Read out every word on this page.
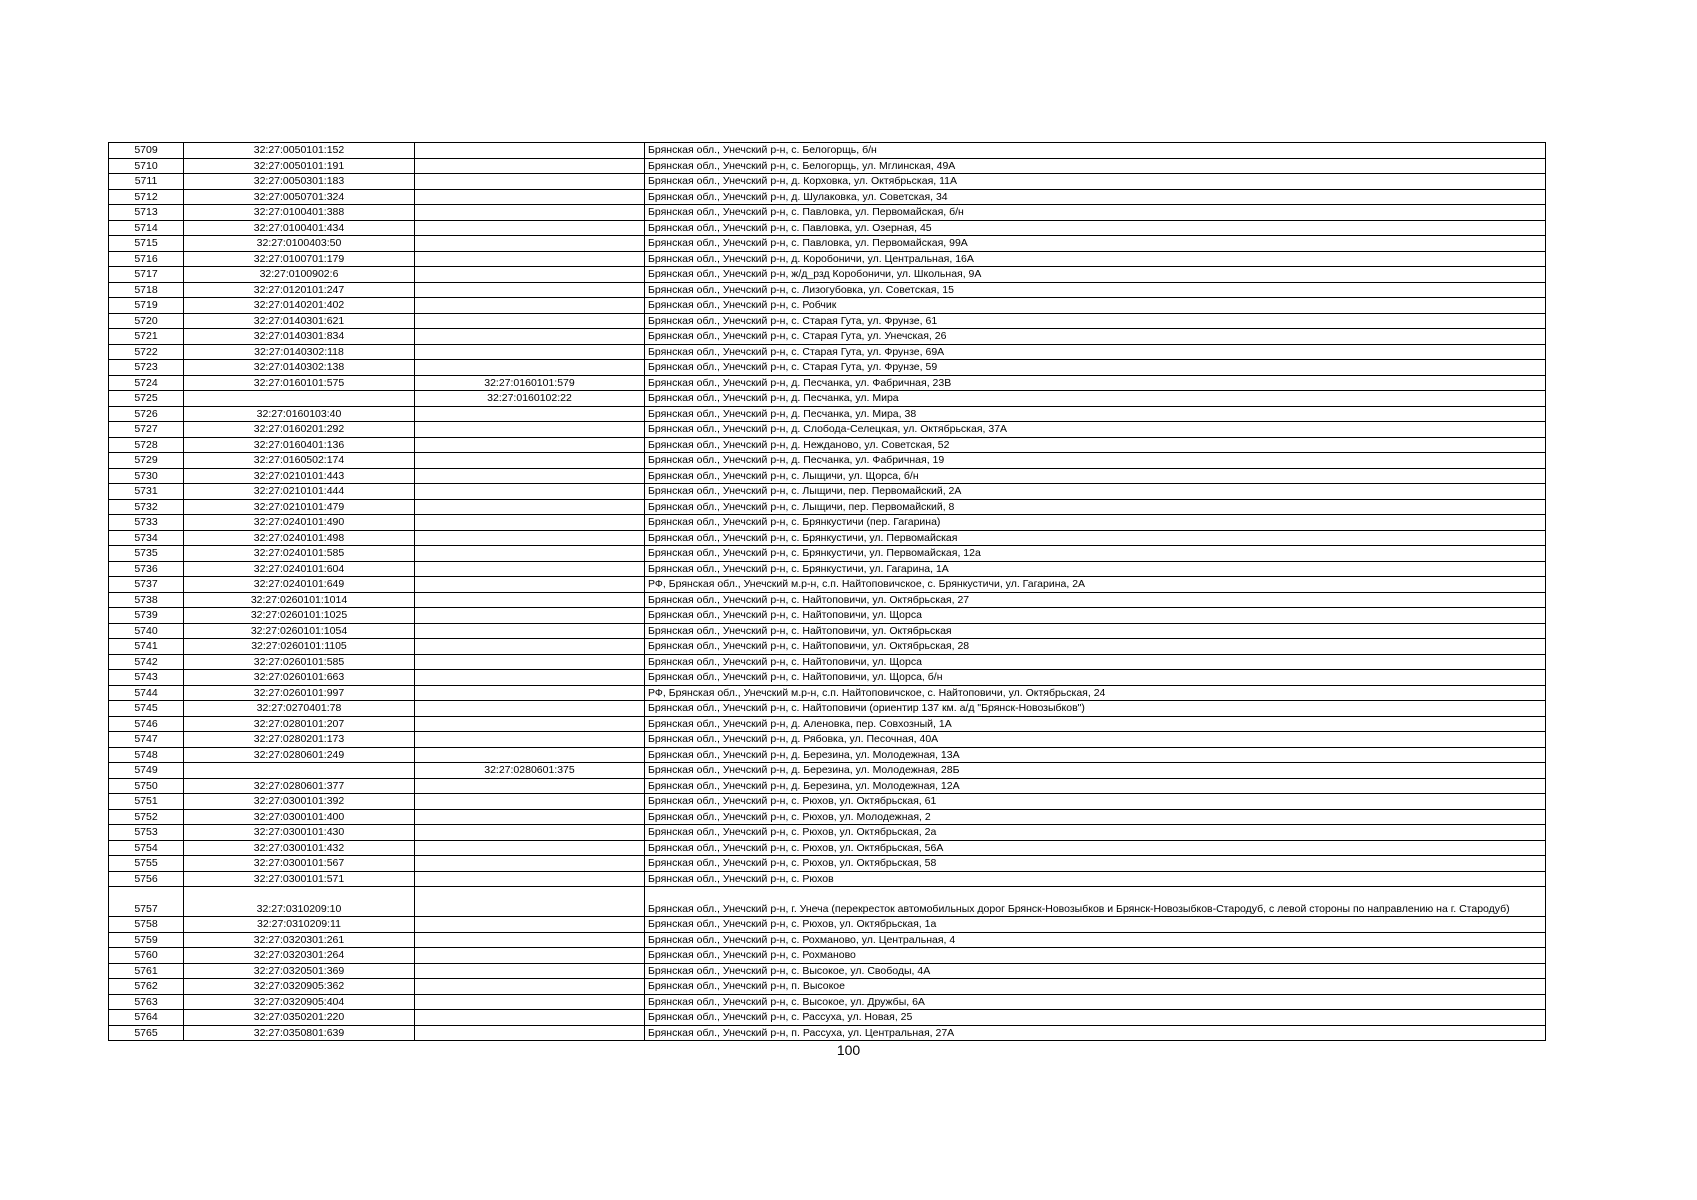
5709	32:27:0050101:152		Брянская обл., Унечский р-н, с. Белогорщь, б/н
5710	32:27:0050101:191		Брянская обл., Унечский р-н, с. Белогорщь, ул. Мглинская, 49А
5711	32:27:0050301:183		Брянская обл., Унечский р-н, д. Корховка, ул. Октябрьская, 11А
5712	32:27:0050701:324		Брянская обл., Унечский р-н, д. Шулаковка, ул. Советская, 34
5713	32:27:0100401:388		Брянская обл., Унечский р-н, с. Павловка, ул. Первомайская, б/н
5714	32:27:0100401:434		Брянская обл., Унечский р-н, с. Павловка, ул. Озерная, 45
5715	32:27:0100403:50		Брянская обл., Унечский р-н, с. Павловка, ул. Первомайская, 99А
5716	32:27:0100701:179		Брянская обл., Унечский р-н, д. Коробоничи, ул. Центральная, 16А
5717	32:27:0100902:6		Брянская обл., Унечский р-н, ж/д_рзд Коробоничи, ул. Школьная, 9А
5718	32:27:0120101:247		Брянская обл., Унечский р-н, с. Лизогубовка, ул. Советская, 15
5719	32:27:0140201:402		Брянская обл., Унечский р-н, с. Робчик
5720	32:27:0140301:621		Брянская обл., Унечский р-н, с. Старая Гута, ул. Фрунзе, 61
5721	32:27:0140301:834		Брянская обл., Унечский р-н, с. Старая Гута, ул. Унечская, 26
5722	32:27:0140302:118		Брянская обл., Унечский р-н, с. Старая Гута, ул. Фрунзе, 69А
5723	32:27:0140302:138		Брянская обл., Унечский р-н, с. Старая Гута, ул. Фрунзе, 59
5724	32:27:0160101:575	32:27:0160101:579	Брянская обл., Унечский р-н, д. Песчанка, ул. Фабричная, 23В
5725		32:27:0160102:22	Брянская обл., Унечский р-н, д. Песчанка, ул. Мира
5726	32:27:0160103:40		Брянская обл., Унечский р-н, д. Песчанка, ул. Мира, 38
5727	32:27:0160201:292		Брянская обл., Унечский р-н, д. Слобода-Селецкая, ул. Октябрьская, 37А
5728	32:27:0160401:136		Брянская обл., Унечский р-н, д. Нежданово, ул. Советская, 52
5729	32:27:0160502:174		Брянская обл., Унечский р-н, д. Песчанка, ул. Фабричная, 19
5730	32:27:0210101:443		Брянская обл., Унечский р-н, с. Лыщичи, ул. Щорса, б/н
5731	32:27:0210101:444		Брянская обл., Унечский р-н, с. Лыщичи, пер. Первомайский, 2А
5732	32:27:0210101:479		Брянская обл., Унечский р-н, с. Лыщичи, пер. Первомайский, 8
5733	32:27:0240101:490		Брянская обл., Унечский р-н, с. Брянкустичи (пер. Гагарина)
5734	32:27:0240101:498		Брянская обл., Унечский р-н, с. Брянкустичи, ул. Первомайская
5735	32:27:0240101:585		Брянская обл., Унечский р-н, с. Брянкустичи, ул. Первомайская, 12а
5736	32:27:0240101:604		Брянская обл., Унечский р-н, с. Брянкустичи, ул. Гагарина, 1А
5737	32:27:0240101:649		РФ, Брянская обл., Унечский м.р-н, с.п. Найтоповичское, с. Брянкустичи, ул. Гагарина, 2А
5738	32:27:0260101:1014		Брянская обл., Унечский р-н, с. Найтоповичи, ул. Октябрьская, 27
5739	32:27:0260101:1025		Брянская обл., Унечский р-н, с. Найтоповичи, ул. Щорса
5740	32:27:0260101:1054		Брянская обл., Унечский р-н, с. Найтоповичи, ул. Октябрьская
5741	32:27:0260101:1105		Брянская обл., Унечский р-н, с. Найтоповичи, ул. Октябрьская, 28
5742	32:27:0260101:585		Брянская обл., Унечский р-н, с. Найтоповичи, ул. Щорса
5743	32:27:0260101:663		Брянская обл., Унечский р-н, с. Найтоповичи, ул. Щорса, б/н
5744	32:27:0260101:997		РФ, Брянская обл., Унечский м.р-н, с.п. Найтоповичское, с. Найтоповичи, ул. Октябрьская, 24
5745	32:27:0270401:78		Брянская обл., Унечский р-н, с. Найтоповичи (ориентир 137 км. а/д "Брянск-Новозыбков")
5746	32:27:0280101:207		Брянская обл., Унечский р-н, д. Аленовка, пер. Совхозный, 1А
5747	32:27:0280201:173		Брянская обл., Унечский р-н, д. Рябовка, ул. Песочная, 40А
5748	32:27:0280601:249		Брянская обл., Унечский р-н, д. Березина, ул. Молодежная, 13А
5749		32:27:0280601:375	Брянская обл., Унечский р-н, д. Березина, ул. Молодежная, 28Б
5750	32:27:0280601:377		Брянская обл., Унечский р-н, д. Березина, ул. Молодежная, 12А
5751	32:27:0300101:392		Брянская обл., Унечский р-н, с. Рюхов, ул. Октябрьская, 61
5752	32:27:0300101:400		Брянская обл., Унечский р-н, с. Рюхов, ул. Молодежная, 2
5753	32:27:0300101:430		Брянская обл., Унечский р-н, с. Рюхов, ул. Октябрьская, 2а
5754	32:27:0300101:432		Брянская обл., Унечский р-н, с. Рюхов, ул. Октябрьская, 56А
5755	32:27:0300101:567		Брянская обл., Унечский р-н, с. Рюхов, ул. Октябрьская, 58
5756	32:27:0300101:571		Брянская обл., Унечский р-н, с. Рюхов
5757	32:27:0310209:10		Брянская обл., Унечский р-н, г. Унеча (перекресток автомобильных дорог Брянск-Новозыбков и Брянск-Новозыбков-Стародуб, с левой стороны по направлению на г. Стародуб)
5758	32:27:0310209:11		Брянская обл., Унечский р-н, с. Рюхов, ул. Октябрьская, 1а
5759	32:27:0320301:261		Брянская обл., Унечский р-н, с. Рохманово, ул. Центральная, 4
5760	32:27:0320301:264		Брянская обл., Унечский р-н, с. Рохманово
5761	32:27:0320501:369		Брянская обл., Унечский р-н, с. Высокое, ул. Свободы, 4А
5762	32:27:0320905:362		Брянская обл., Унечский р-н, п. Высокое
5763	32:27:0320905:404		Брянская обл., Унечский р-н, с. Высокое, ул. Дружбы, 6А
5764	32:27:0350201:220		Брянская обл., Унечский р-н, с. Рассуха, ул. Новая, 25
5765	32:27:0350801:639		Брянская обл., Унечский р-н, п. Рассуха, ул. Центральная, 27А
100
